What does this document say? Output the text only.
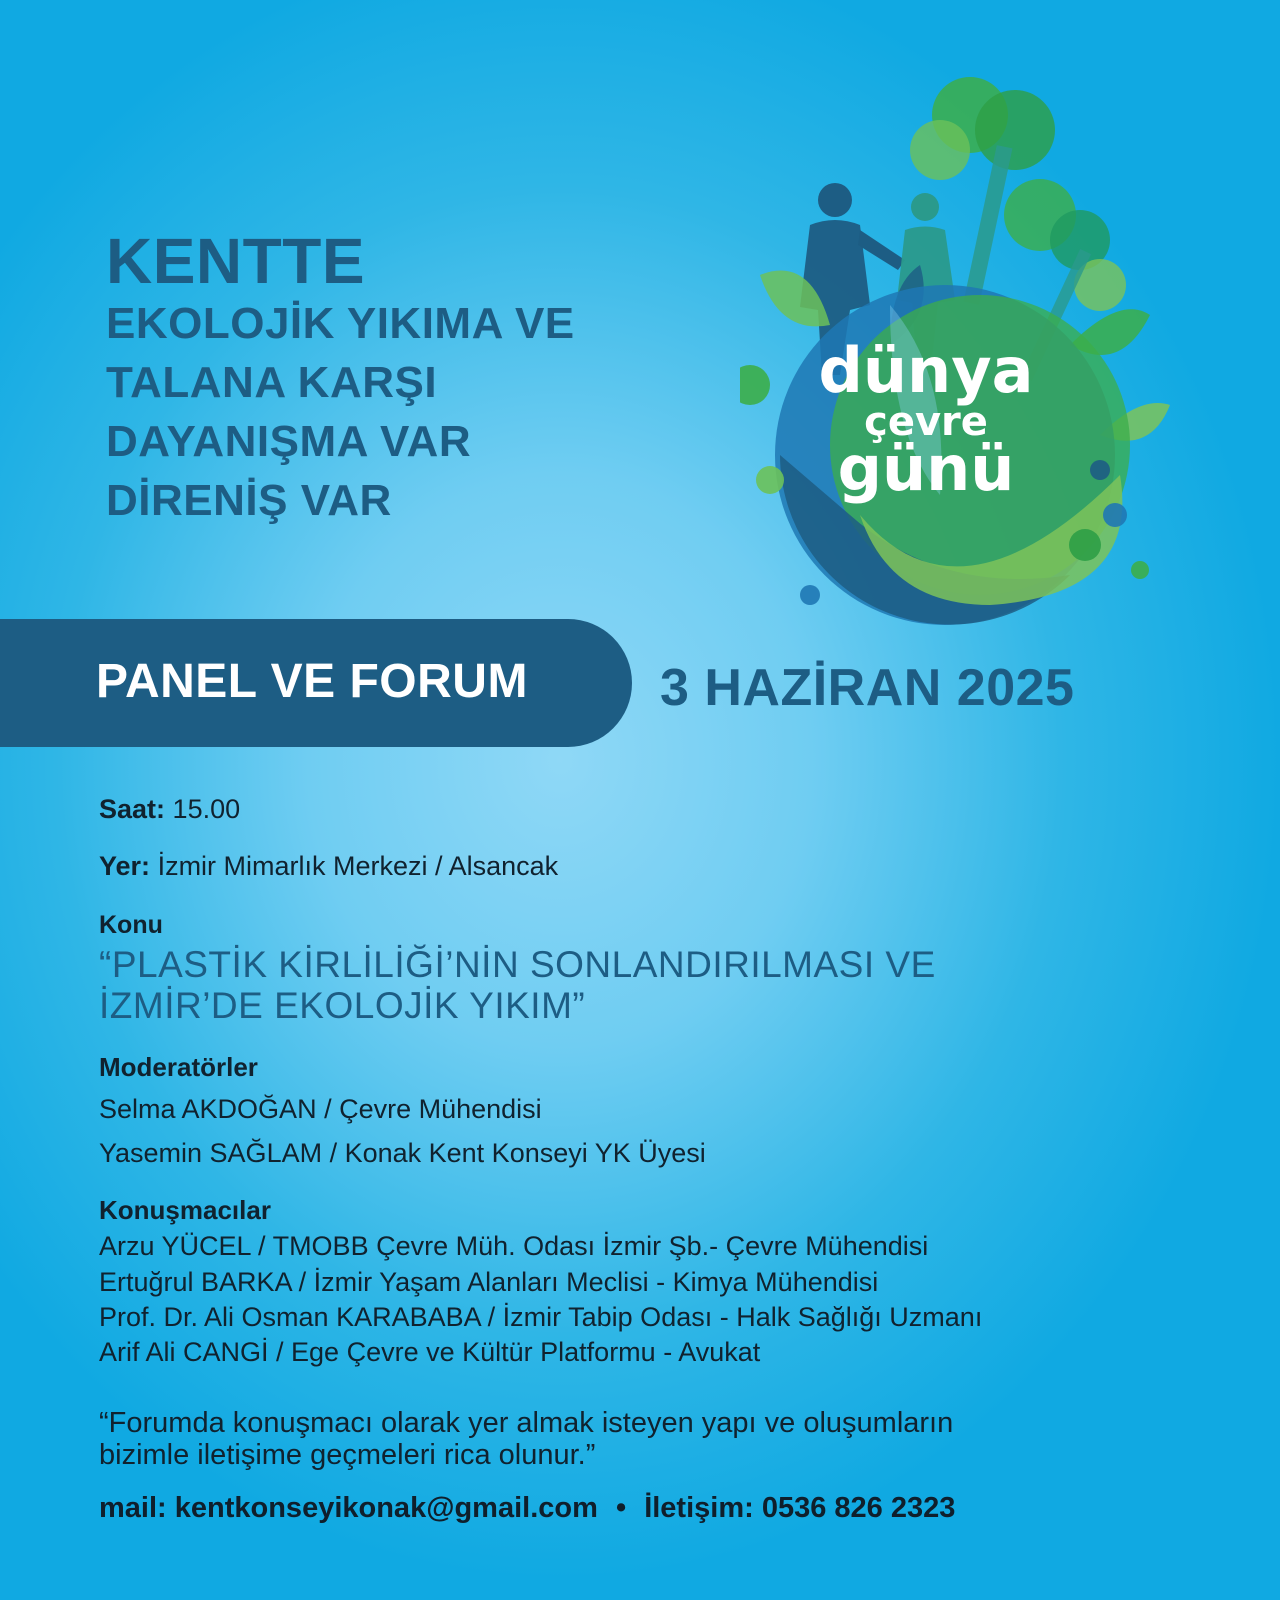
KENTTE
EKOLOJİK YIKIMA VE
TALANA KARŞI
DAYANIŞMA VAR
DİRENİŞ VAR
dünya
çevre
günü
PANEL VE FORUM	3 HAZİRAN 2025
Saat: 15.00
Yer: İzmir Mimarlık Merkezi / Alsancak
Konu
“PLASTİK KİRLİLİĞİ’NİN SONLANDIRILMASI VE
İZMİR’DE EKOLOJİK YIKIM”
Moderatörler
Selma AKDOĞAN / Çevre Mühendisi
Yasemin SAĞLAM / Konak Kent Konseyi YK Üyesi
Konuşmacılar
Arzu YÜCEL / TMOBB Çevre Müh. Odası İzmir Şb.- Çevre Mühendisi
Ertuğrul BARKA / İzmir Yaşam Alanları Meclisi - Kimya Mühendisi
Prof. Dr. Ali Osman KARABABA / İzmir Tabip Odası - Halk Sağlığı Uzmanı
Arif Ali CANGİ / Ege Çevre ve Kültür Platformu - Avukat
“Forumda konuşmacı olarak yer almak isteyen yapı ve oluşumların
bizimle iletişime geçmeleri rica olunur.”
mail: kentkonseyikonak@gmail.com • İletişim: 0536 826 2323
